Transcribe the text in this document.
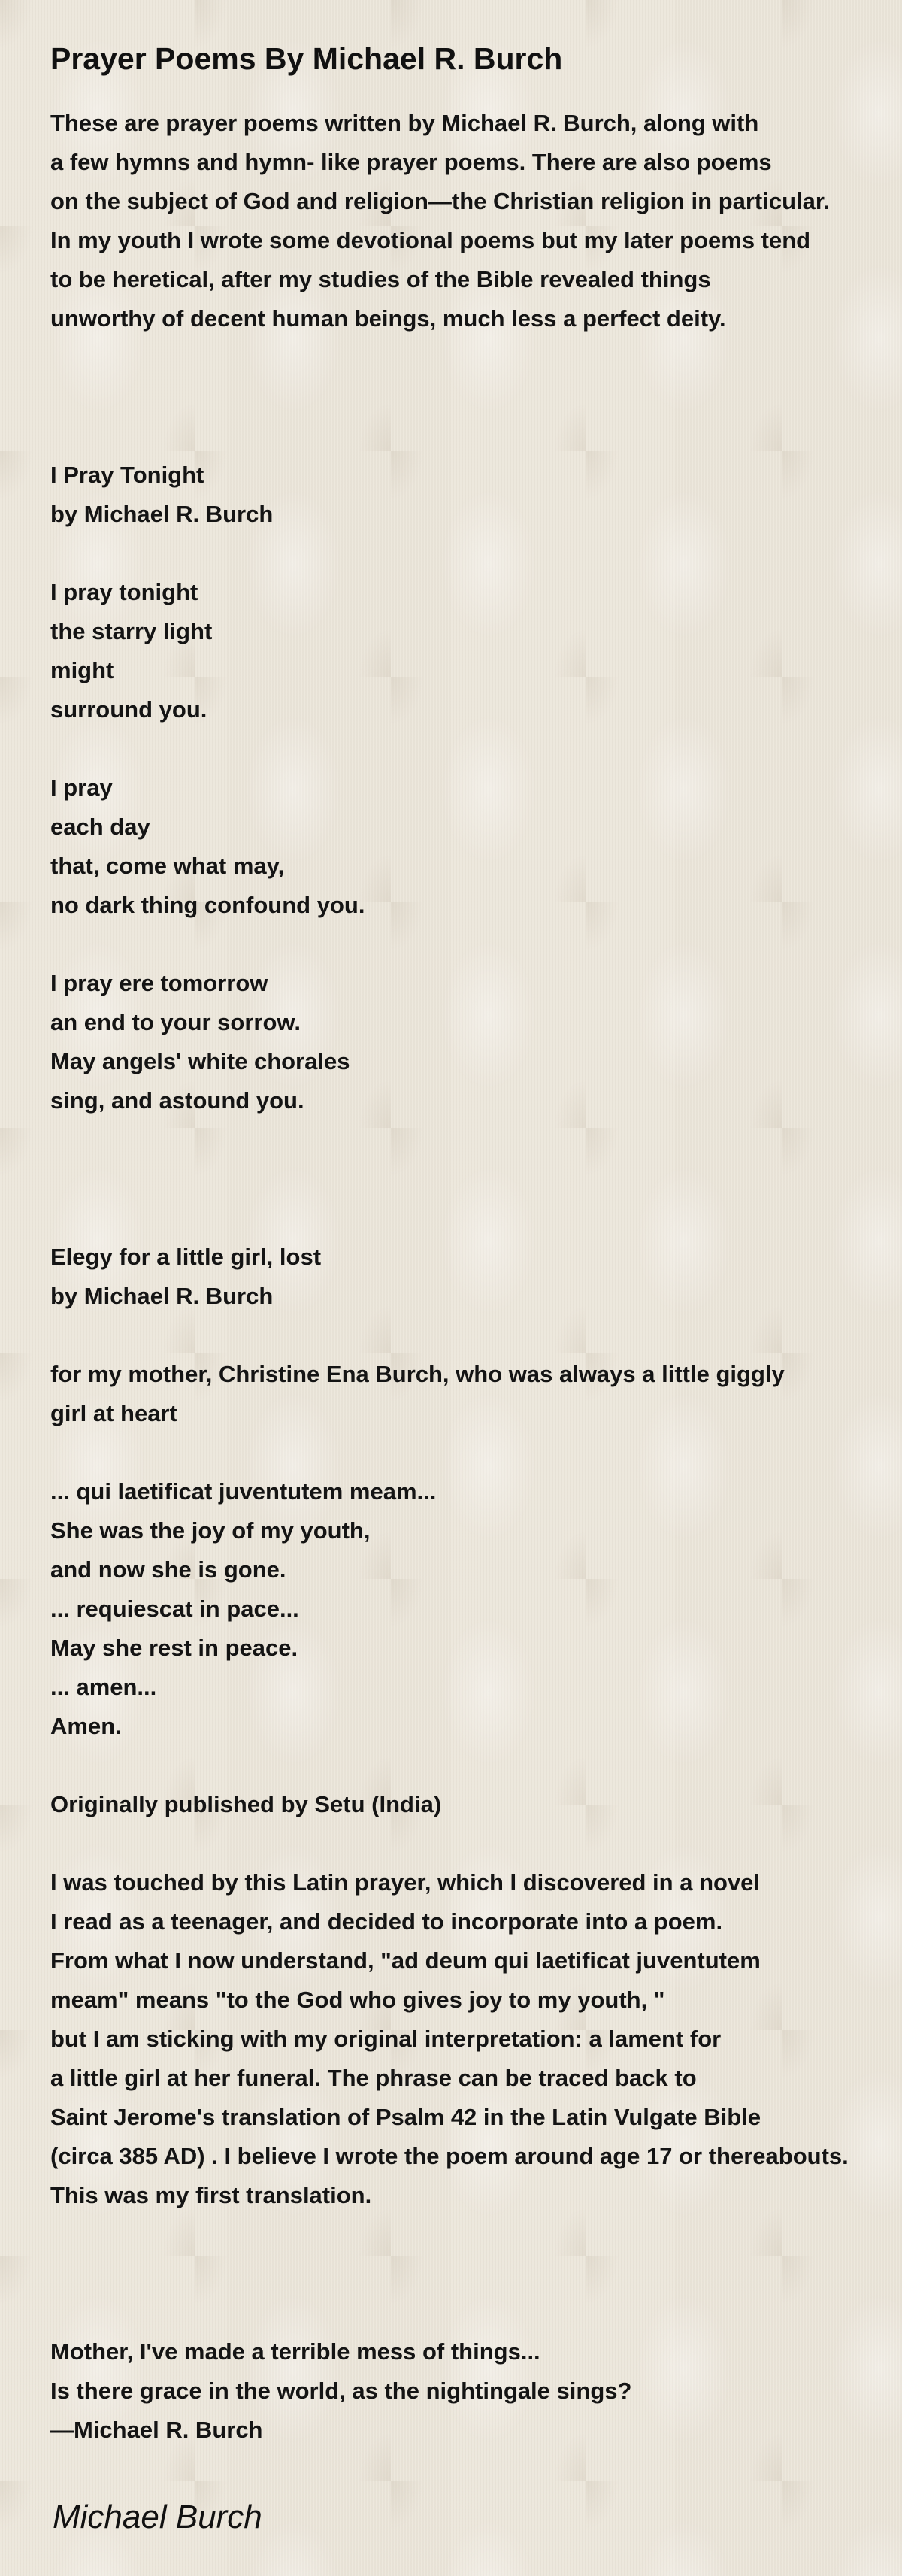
Prayer Poems By Michael R. Burch
These are prayer poems written by Michael R. Burch, along with
a few hymns and hymn- like prayer poems. There are also poems
on the subject of God and religion—the Christian religion in particular.
In my youth I wrote some devotional poems but my later poems tend
to be heretical, after my studies of the Bible revealed things
unworthy of decent human beings, much less a perfect deity.
I Pray Tonight
by Michael R. Burch
I pray tonight
the starry light
might
surround you.
I pray
each day
that, come what may,
no dark thing confound you.
I pray ere tomorrow
an end to your sorrow.
May angels' white chorales
sing, and astound you.
Elegy for a little girl, lost
by Michael R. Burch
for my mother, Christine Ena Burch, who was always a little giggly
girl at heart
... qui laetificat juventutem meam...
She was the joy of my youth,
and now she is gone.
... requiescat in pace...
May she rest in peace.
... amen...
Amen.
Originally published by Setu (India)
I was touched by this Latin prayer, which I discovered in a novel
I read as a teenager, and decided to incorporate into a poem.
From what I now understand, "ad deum qui laetificat juventutem
meam" means "to the God who gives joy to my youth, "
but I am sticking with my original interpretation: a lament for
a little girl at her funeral. The phrase can be traced back to
Saint Jerome's translation of Psalm 42 in the Latin Vulgate Bible
(circa 385 AD) . I believe I wrote the poem around age 17 or thereabouts.
This was my first translation.
Mother, I've made a terrible mess of things...
Is there grace in the world, as the nightingale sings?
—Michael R. Burch
Michael Burch
